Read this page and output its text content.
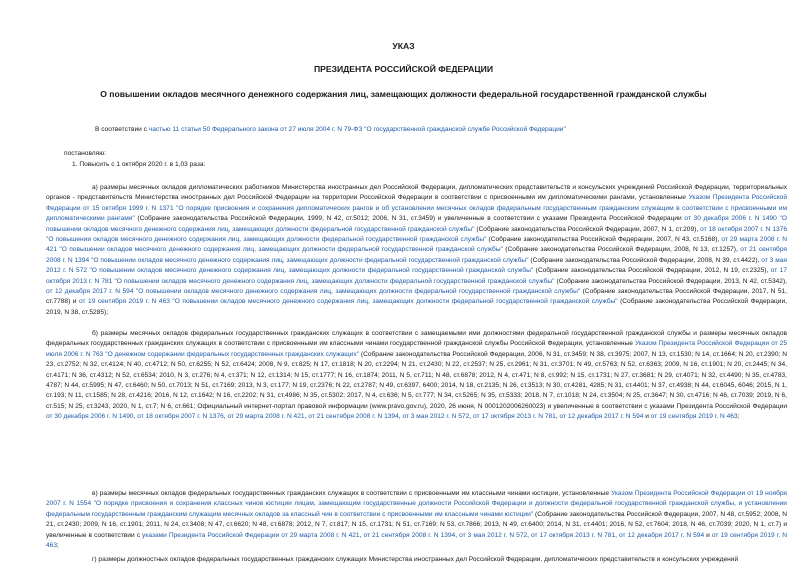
УКАЗ
ПРЕЗИДЕНТА РОССИЙСКОЙ ФЕДЕРАЦИИ
О повышении окладов месячного денежного содержания лиц, замещающих должности федеральной государственной гражданской службы

В соответствии с частью 11 статьи 50 Федерального закона от 27 июля 2004 г. N 79-ФЗ "О государственной гражданской службе Российской Федерации"

постановляю:

1. Повысить с 1 октября 2020 г. в 1,03 раза:

а) размеры месячных окладов дипломатических работников Министерства иностранных дел Российской Федерации, дипломатических представительств и консульских учреждений Российской Федерации, территориальных органов - представительств Министерства иностранных дел Российской Федерации на территории Российской Федерации в соответствии с присвоенными им дипломатическими рангами, установленные Указом Президента Российской Федерации от 15 октября 1999 г. N 1371 "О порядке присвоения и сохранения дипломатических рангов и об установлении месячных окладов федеральным государственным гражданским служащим в соответствии с присвоенными им дипломатическими рангами" (Собрание законодательства Российской Федерации, 1999, N 42, ст.5012; 2006, N 31, ст.3459) и увеличенные в соответствии с указами Президента Российской Федерации от 30 декабря 2006 г. N 1490 "О повышении окладов месячного денежного содержания лиц, замещающих должности федеральной государственной гражданской службы" (Собрание законодательства Российской Федерации, 2007, N 1, ст.209), от 18 октября 2007 г. N 1376 "О повышении окладов месячного денежного содержания лиц, замещающих должности федеральной государственной гражданской службы" (Собрание законодательства Российской Федерации, 2007, N 43, ст.5168), от 29 марта 2008 г. N 421 "О повышении окладов месячного денежного содержания лиц, замещающих должности федеральной государственной гражданской службы" (Собрание законодательства Российской Федерации, 2008, N 13, ст.1257), от 21 сентября 2008 г. N 1394 "О повышении окладов месячного денежного содержания лиц, замещающих должности федеральной государственной гражданской службы" (Собрание законодательства Российской Федерации, 2008, N 39, ст.4422), от 3 мая 2012 г. N 572 "О повышении окладов месячного денежного содержания лиц, замещающих должности федеральной государственной гражданской службы" (Собрание законодательства Российской Федерации, 2012, N 19, ст.2325), от 17 октября 2013 г. N 781 "О повышении окладов месячного денежного содержания лиц, замещающих должности федеральной государственной гражданской службы" (Собрание законодательства Российской Федерации, 2013, N 42, ст.5342), от 12 декабря 2017 г. N 594 "О повышении окладов месячного денежного содержания лиц, замещающих должности федеральной государственной гражданской службы" (Собрание законодательства Российской Федерации, 2017, N 51, ст.7788) и от 19 сентября 2019 г. N 463 "О повышении окладов месячного денежного содержания лиц, замещающих должности федеральной государственной гражданской службы" (Собрание законодательства Российской Федерации, 2019, N 38, ст.5285);

б) размеры месячных окладов федеральных государственных гражданских служащих в соответствии с замещаемыми ими должностями федеральной государственной гражданской службы и размеры месячных окладов федеральных государственных гражданских служащих в соответствии с присвоенными им классными чинами государственной гражданской службы Российской Федерации, установленные Указом Президента Российской Федерации от 25 июля 2006 г. N 763 "О денежном содержании федеральных государственных гражданских служащих" (Собрание законодательства Российской Федерации, 2006, N 31, ст.3459; N 38, ст.3975; 2007, N 13, ст.1530; N 14, ст.1664; N 20, ст.2390; N 23, ст.2752; N 32, ст.4124; N 40, ст.4712; N 50, ст.6255; N 52, ст.6424; 2008, N 9, ст.825; N 17, ст.1818; N 20, ст.2294; N 21, ст.2430; N 22, ст.2537; N 25, ст.2961; N 31, ст.3701; N 49, ст.5763; N 52, ст.6363; 2009, N 16, ст.1901; N 20, ст.2445; N 34, ст.4171; N 36, ст.4312; N 52, ст.6534; 2010, N 3, ст.276; N 4, ст.371; N 12, ст.1314; N 15, ст.1777; N 16, ст.1874; 2011, N 5, ст.711; N 48, ст.6878; 2012, N 4, ст.471; N 8, ст.992; N 15, ст.1731; N 27, ст.3681; N 29, ст.4071; N 32, ст.4490; N 35, ст.4783, 4787; N 44, ст.5995; N 47, ст.6460; N 50, ст.7013; N 51, ст.7169; 2013, N 3, ст.177; N 19, ст.2376; N 22, ст.2787; N 49, ст.6397, 6400; 2014, N 18, ст.2135; N 26, ст.3513; N 30, ст.4281, 4285; N 31, ст.4401; N 37, ст.4938; N 44, ст.6045, 6046; 2015, N 1, ст.193; N 11, ст.1585; N 28, ст.4216; 2016, N 12, ст.1642; N 16, ст.2202; N 31, ст.4986; N 35, ст.5302; 2017, N 4, ст.636; N 5, ст.777; N 34, ст.5265; N 35, ст.5333; 2018, N 7, ст.1018; N 24, ст.3504; N 25, ст.3647; N 30, ст.4716; N 46, ст.7039; 2019, N 6, ст.515; N 25, ст.3243, 2020, N 1, ст.7; N 6, ст.661; Официальный интернет-портал правовой информации (www.pravo.gov.ru), 2020, 26 июня, N 0001202006260023) и увеличенные в соответствии с указами Президента Российской Федерации от 30 декабря 2006 г. N 1490, от 18 октября 2007 г. N 1376, от 29 марта 2008 г. N 421, от 21 сентября 2008 г. N 1394, от 3 мая 2012 г. N 572, от 17 октября 2013 г. N 781, от 12 декабря 2017 г. N 594 и от 19 сентября 2019 г. N 463;

в) размеры месячных окладов федеральных государственных гражданских служащих в соответствии с присвоенными им классными чинами юстиции, установленные Указом Президента Российской Федерации от 19 ноября 2007 г. N 1554 "О порядке присвоения и сохранения классных чинов юстиции лицам, замещающим государственные должности Российской Федерации и должности федеральной государственной гражданской службы, и установлении федеральным государственным гражданским служащим месячных окладов за классный чин в соответствии с присвоенными им классными чинами юстиции" (Собрание законодательства Российской Федерации, 2007, N 48, ст.5952; 2008, N 21, ст.2430; 2009, N 16, ст.1901; 2011, N 24, ст.3408; N 47, ст.6620; N 48, ст.6878; 2012, N 7, ст.817; N 15, ст.1731; N 51, ст.7169; N 53, ст.7866; 2013, N 49, ст.6400; 2014, N 31, ст.4401; 2016, N 52, ст.7604; 2018, N 46, ст.7039; 2020, N 1, ст.7) и увеличенные в соответствии с указами Президента Российской Федерации от 29 марта 2008 г. N 421, от 21 сентября 2008 г. N 1394, от 3 мая 2012 г. N 572, от 17 октября 2013 г. N 781, от 12 декабря 2017 г. N 594 и от 19 сентября 2019 г. N 463;

г) размеры должностных окладов федеральных государственных гражданских служащих Министерства иностранных дел Российской Федерации, дипломатических представительств и консульских учреждений
